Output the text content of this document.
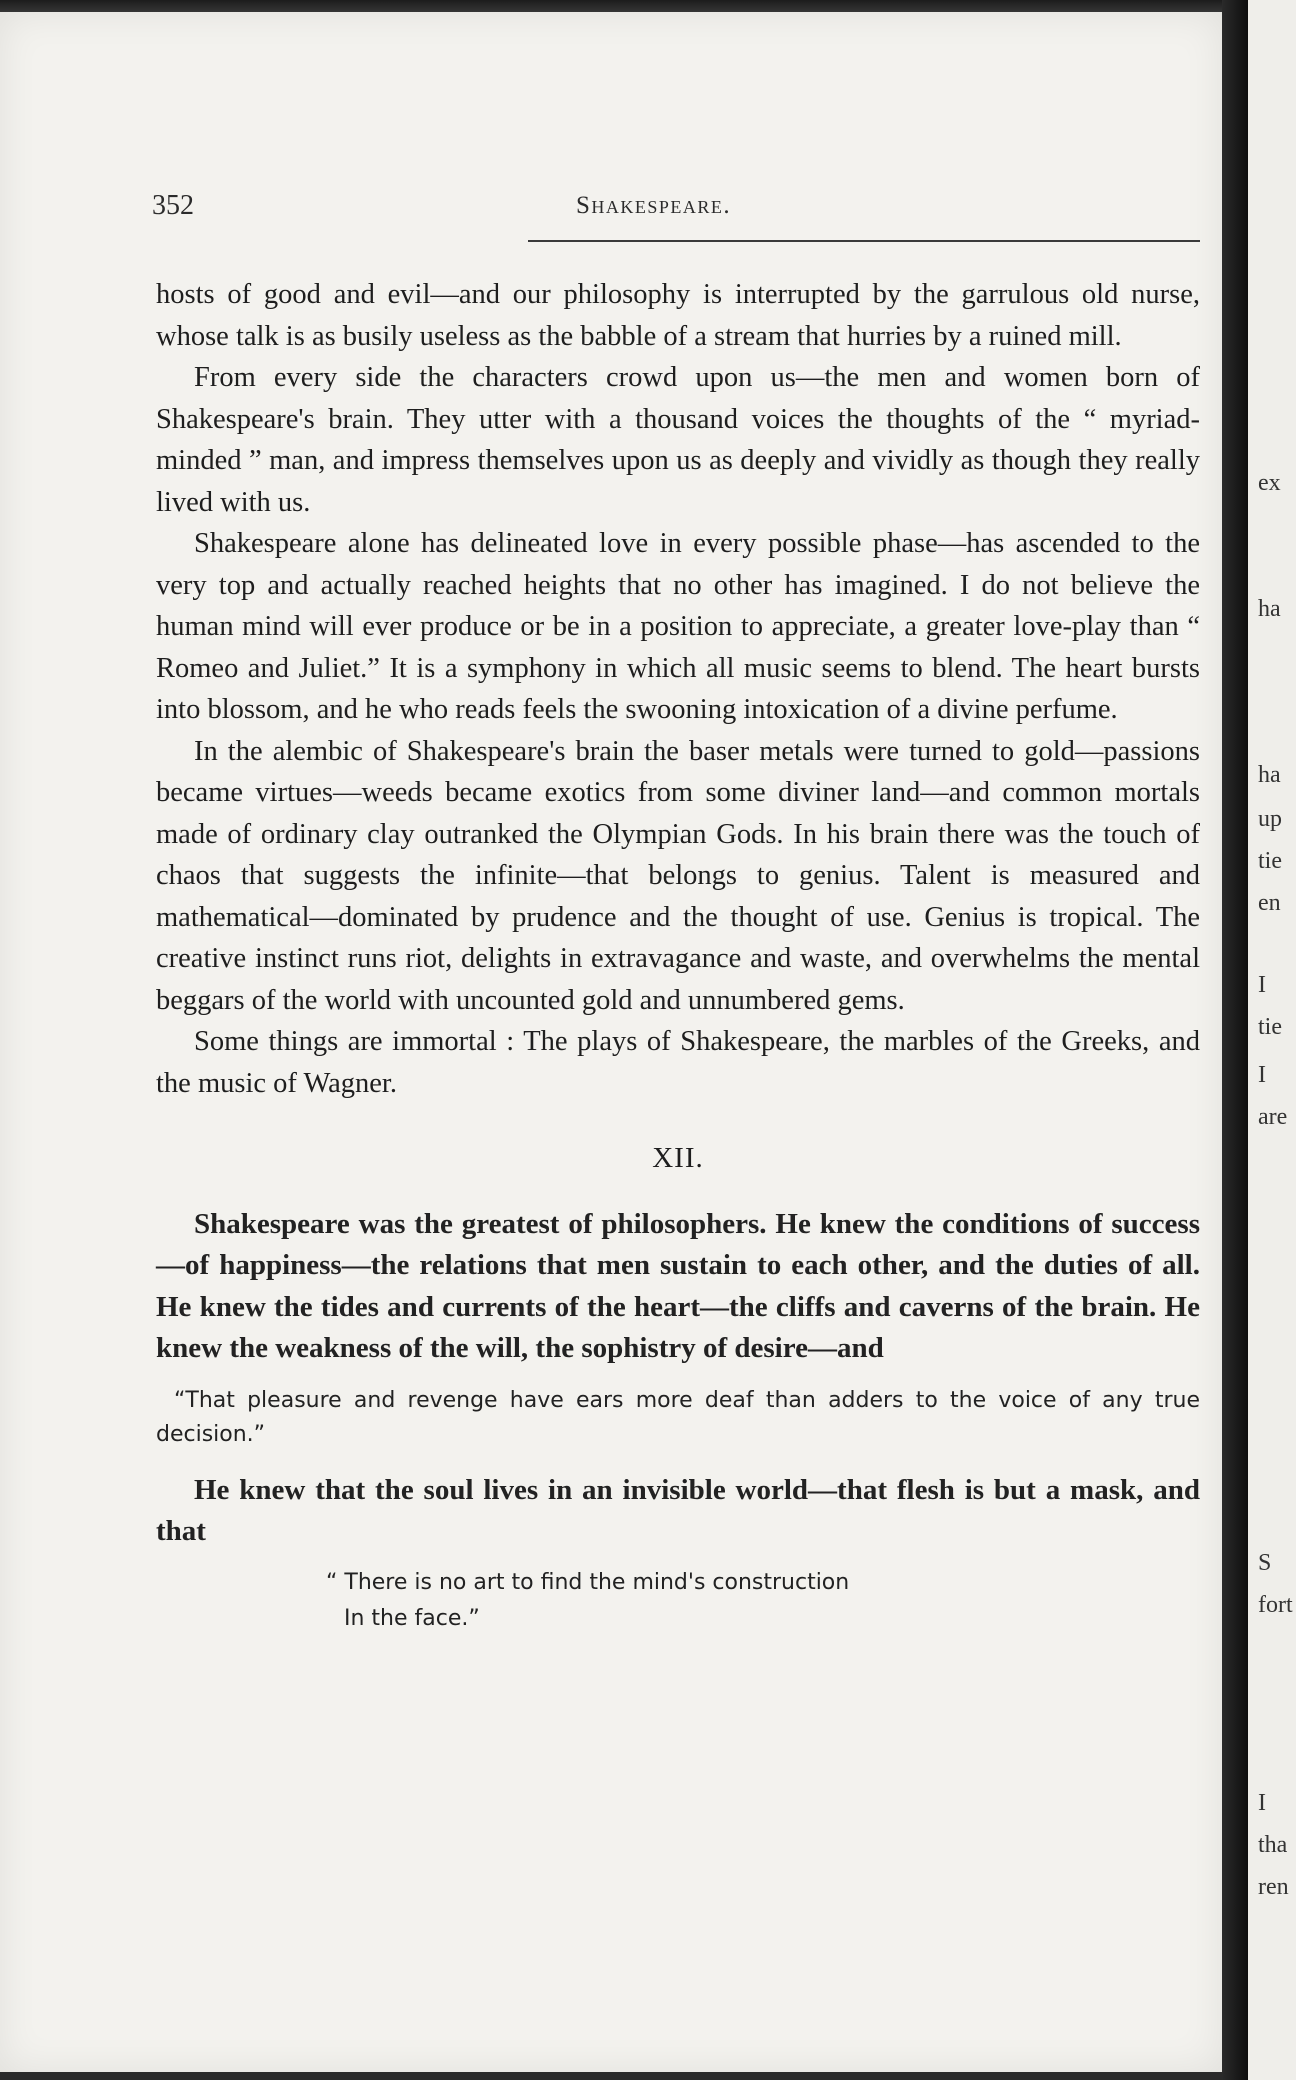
352	Shakespeare.

hosts of good and evil—and our philosophy is interrupted by the garrulous old nurse, whose talk is as busily useless as the babble of a stream that hurries by a ruined mill.

From every side the characters crowd upon us—the men and women born of Shakespeare's brain. They utter with a thousand voices the thoughts of the “ myriad-minded ” man, and impress themselves upon us as deeply and vividly as though they really lived with us.

Shakespeare alone has delineated love in every possible phase—has ascended to the very top and actually reached heights that no other has imagined. I do not believe the human mind will ever produce or be in a position to appreciate, a greater love-play than “ Romeo and Juliet.” It is a symphony in which all music seems to blend. The heart bursts into blossom, and he who reads feels the swooning intoxication of a divine perfume.

In the alembic of Shakespeare's brain the baser metals were turned to gold—passions became virtues—weeds became exotics from some diviner land—and common mortals made of ordinary clay outranked the Olympian Gods. In his brain there was the touch of chaos that suggests the infinite—that belongs to genius. Talent is measured and mathematical—dominated by prudence and the thought of use. Genius is tropical. The creative instinct runs riot, delights in extravagance and waste, and overwhelms the mental beggars of the world with uncounted gold and unnumbered gems.

Some things are immortal : The plays of Shakespeare, the marbles of the Greeks, and the music of Wagner.

XII.

Shakespeare was the greatest of philosophers. He knew the conditions of success—of happiness—the relations that men sustain to each other, and the duties of all. He knew the tides and currents of the heart—the cliffs and caverns of the brain. He knew the weakness of the will, the sophistry of desire—and

“That pleasure and revenge have ears more deaf than adders to the voice of any true decision.”

He knew that the soul lives in an invisible world—that flesh is but a mask, and that

“ There is no art to find the mind's construction
In the face.”
ex
ha
ha
up
tie
en
I
tie
I
are
S
fort
I
tha
ren
